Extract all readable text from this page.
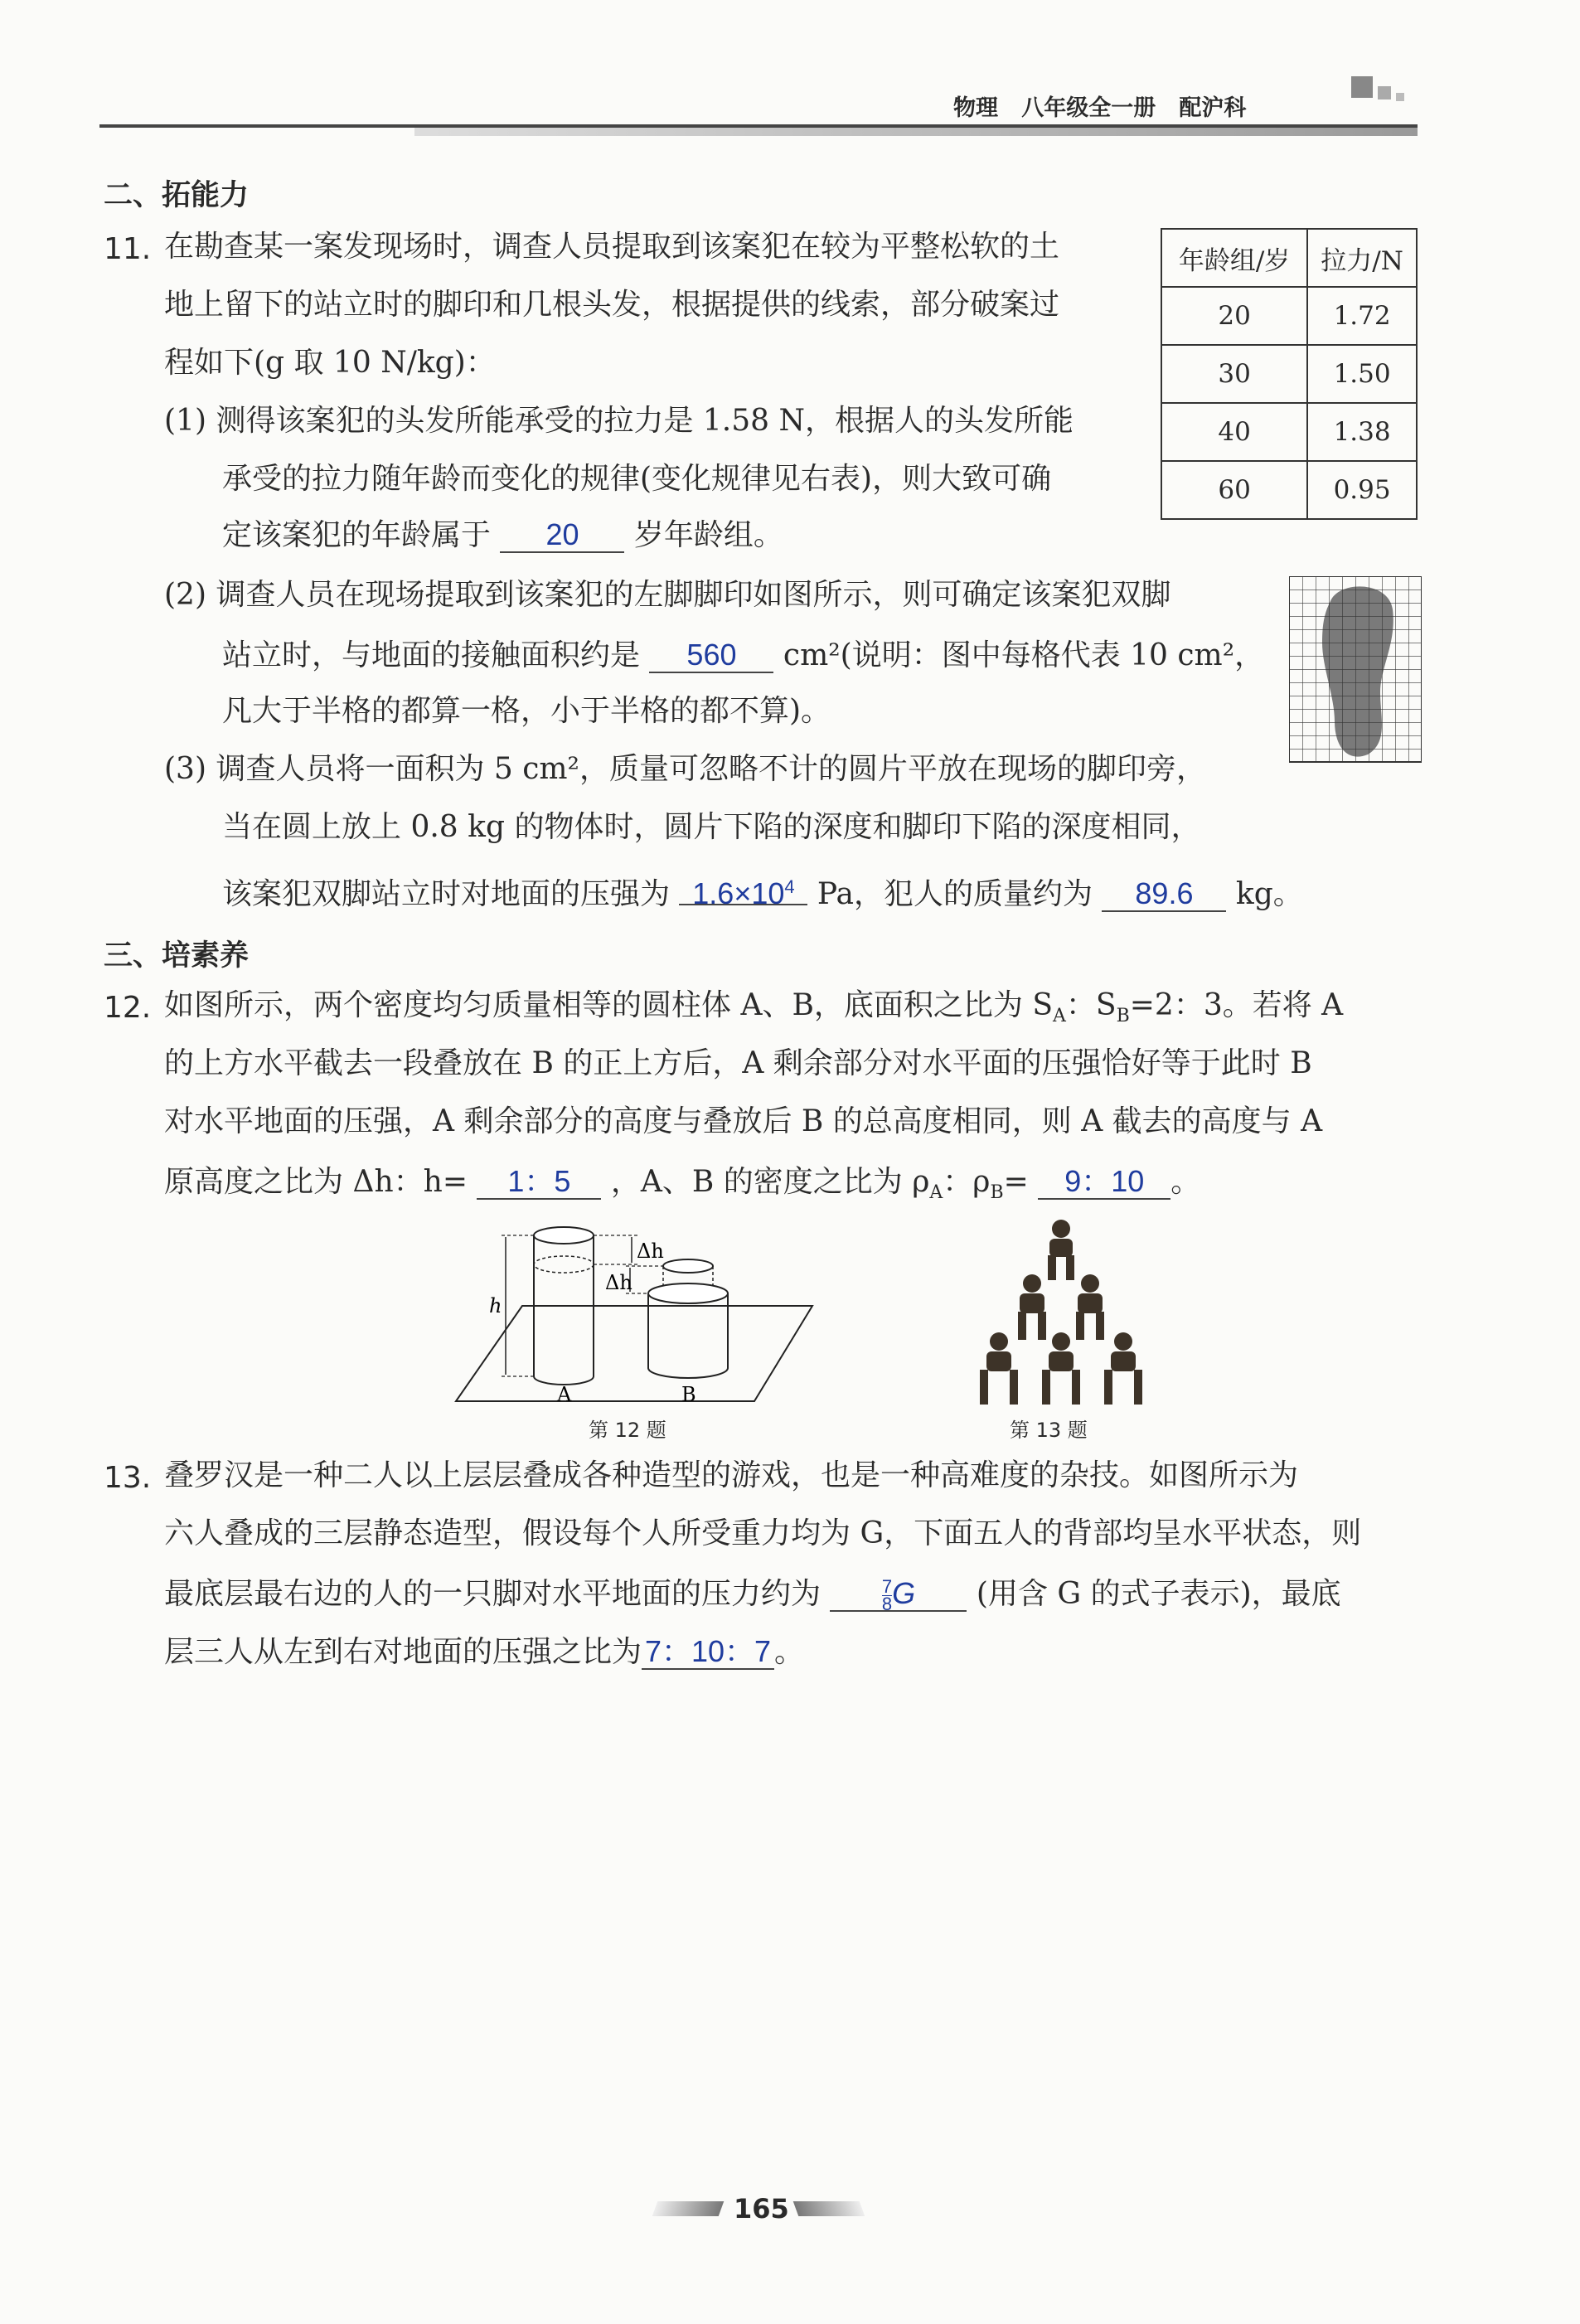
物理 八年级全一册 配沪科
二、拓能力
11. 在勘查某一案发现场时，调查人员提取到该案犯在较为平整松软的土
地上留下的站立时的脚印和几根头发，根据提供的线索，部分破案过
程如下(g 取 10 N/kg)：
(1) 测得该案犯的头发所能承受的拉力是 1.58 N，根据人的头发所能
承受的拉力随年龄而变化的规律(变化规律见右表)，则大致可确
定该案犯的年龄属于 20 岁年龄组。
年龄组/岁	拉力/N
20	1.72
30	1.50
40	1.38
60	0.95
(2) 调查人员在现场提取到该案犯的左脚脚印如图所示，则可确定该案犯双脚
站立时，与地面的接触面积约是 560 cm²(说明：图中每格代表 10 cm²，
凡大于半格的都算一格，小于半格的都不算)。
(3) 调查人员将一面积为 5 cm²，质量可忽略不计的圆片平放在现场的脚印旁，
当在圆上放上 0.8 kg 的物体时，圆片下陷的深度和脚印下陷的深度相同，
该案犯双脚站立时对地面的压强为 $1.6\times 10^4$ Pa，犯人的质量约为 89.6 kg。
三、培素养
12. 如图所示，两个密度均匀质量相等的圆柱体 A、B，底面积之比为 $S_A$：$S_B=2$：3。若将 A
的上方水平截去一段叠放在 B 的正上方后，A 剩余部分对水平面的压强恰好等于此时 B
对水平地面的压强，A 剩余部分的高度与叠放后 B 的总高度相同，则 A 截去的高度与 A
原高度之比为 Δh：h= 1：5 ，A、B 的密度之比为 $\rho_A$：$\rho_B= 9$：10 。
h
Δh
Δh
A	B
第 12 题	第 13 题
13. 叠罗汉是一种二人以上层层叠成各种造型的游戏，也是一种高难度的杂技。如图所示为
六人叠成的三层静态造型，假设每个人所受重力均为 G，下面五人的背部均呈水平状态，则
最底层最右边的人的一只脚对水平地面的压力约为	$\frac{7}{8}$ G (用含 G 的式子表示)，最底
层三人从左到右对地面的压强之比为 7：10：7 。
165
